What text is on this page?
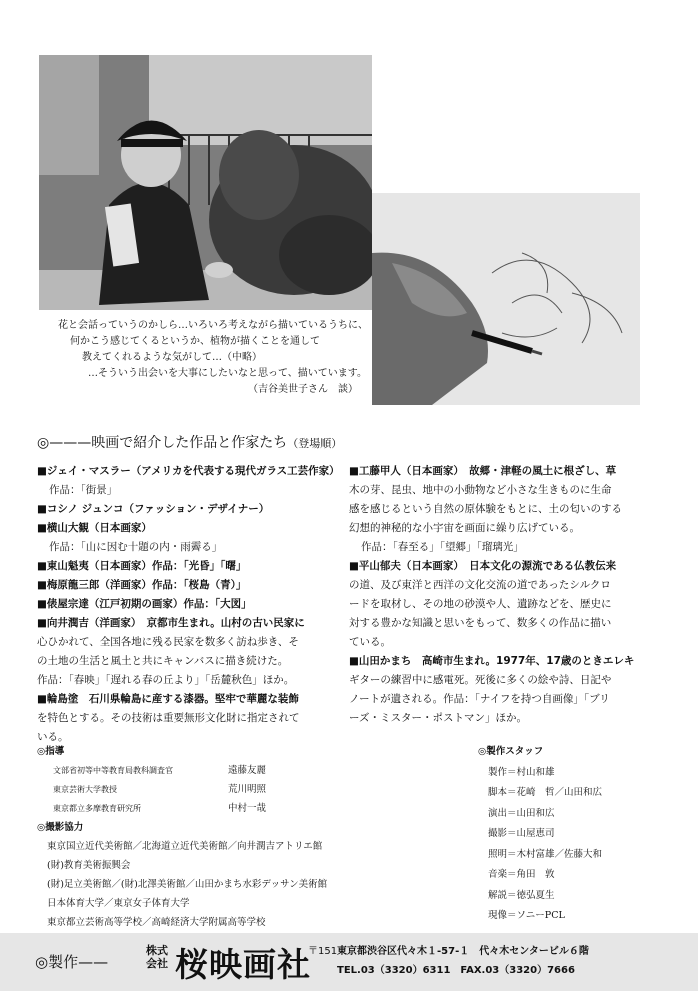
花と会話っていうのかしら…いろいろ考えながら描いているうちに、
何かこう感じてくるというか、植物が描くことを通して
教えてくれるような気がして…（中略）
…そういう出会いを大事にしたいなと思って、描いています。
（吉谷美世子さん　談）
◎———映画で紹介した作品と作家たち（登場順）

■ジェイ・マスラー（アメリカを代表する現代ガラス工芸作家）

作品：「街景」

■コシノ ジュンコ（ファッション・デザイナー）

■横山大観（日本画家）

作品：「山に因む十題の内・雨霽る」

■東山魁夷（日本画家）作品：「光昏」「曙」

■梅原龍三郎（洋画家）作品：「桜島（青）」

■俵屋宗達（江戸初期の画家）作品：「大図」

■向井潤吉（洋画家）　京都市生まれ。山村の古い民家に

心ひかれて、全国各地に残る民家を数多く訪ね歩き、そ

の土地の生活と風土と共にキャンバスに描き続けた。

作品：「春映」「遅れる春の丘より」「岳麓秋色」ほか。

■輪島塗　石川県輪島に産する漆器。堅牢で華麗な装飾

を特色とする。その技術は重要無形文化財に指定されて

いる。

■工藤甲人（日本画家）　故郷・津軽の風土に根ざし、草

木の芽、昆虫、地中の小動物など小さな生きものに生命

感を感じるという自然の原体験をもとに、土の匂いのする

幻想的神秘的な小宇宙を画面に繰り広げている。

作品：「春至る」「望郷」「瑠璃光」

■平山郁夫（日本画家）　日本文化の源流である仏教伝来

の道、及び東洋と西洋の文化交流の道であったシルクロ

ードを取材し、その地の砂漠や人、遺跡などを、歴史に

対する豊かな知識と思いをもって、数多くの作品に描い

ている。

■山田かまち　高崎市生まれ。1977年、17歳のときエレキ

ギターの練習中に感電死。死後に多くの絵や詩、日記や

ノートが遺される。作品：「ナイフを持つ自画像」「ブリ

ーズ・ミスター・ポストマン」ほか。

◎指導
文部省初等中等教育局教科調査官	遠藤友麗
東京芸術大学教授	荒川明照
東京都立多摩教育研究所	中村一哉
◎撮影協力
東京国立近代美術館／北海道立近代美術館／向井潤吉アトリエ館
(財)教育美術振興会
(財)足立美術館／(財)北澤美術館／山田かまち水彩デッサン美術館
日本体育大学／東京女子体育大学
東京都立芸術高等学校／高崎経済大学附属高等学校
◎製作スタッフ
製作＝村山和雄
脚本＝花崎　哲／山田和広
演出＝山田和広
撮影＝山屋恵司
照明＝木村富雄／佐藤大和
音楽＝角田　敦
解説＝徳弘夏生
現像＝ソニーPCL
◎製作——
株式会社 桜映画社
〒151 東京都渋谷区代々木１-57-１　代々木センタービル６階
TEL.03（3320）6311　FAX.03（3320）7666
